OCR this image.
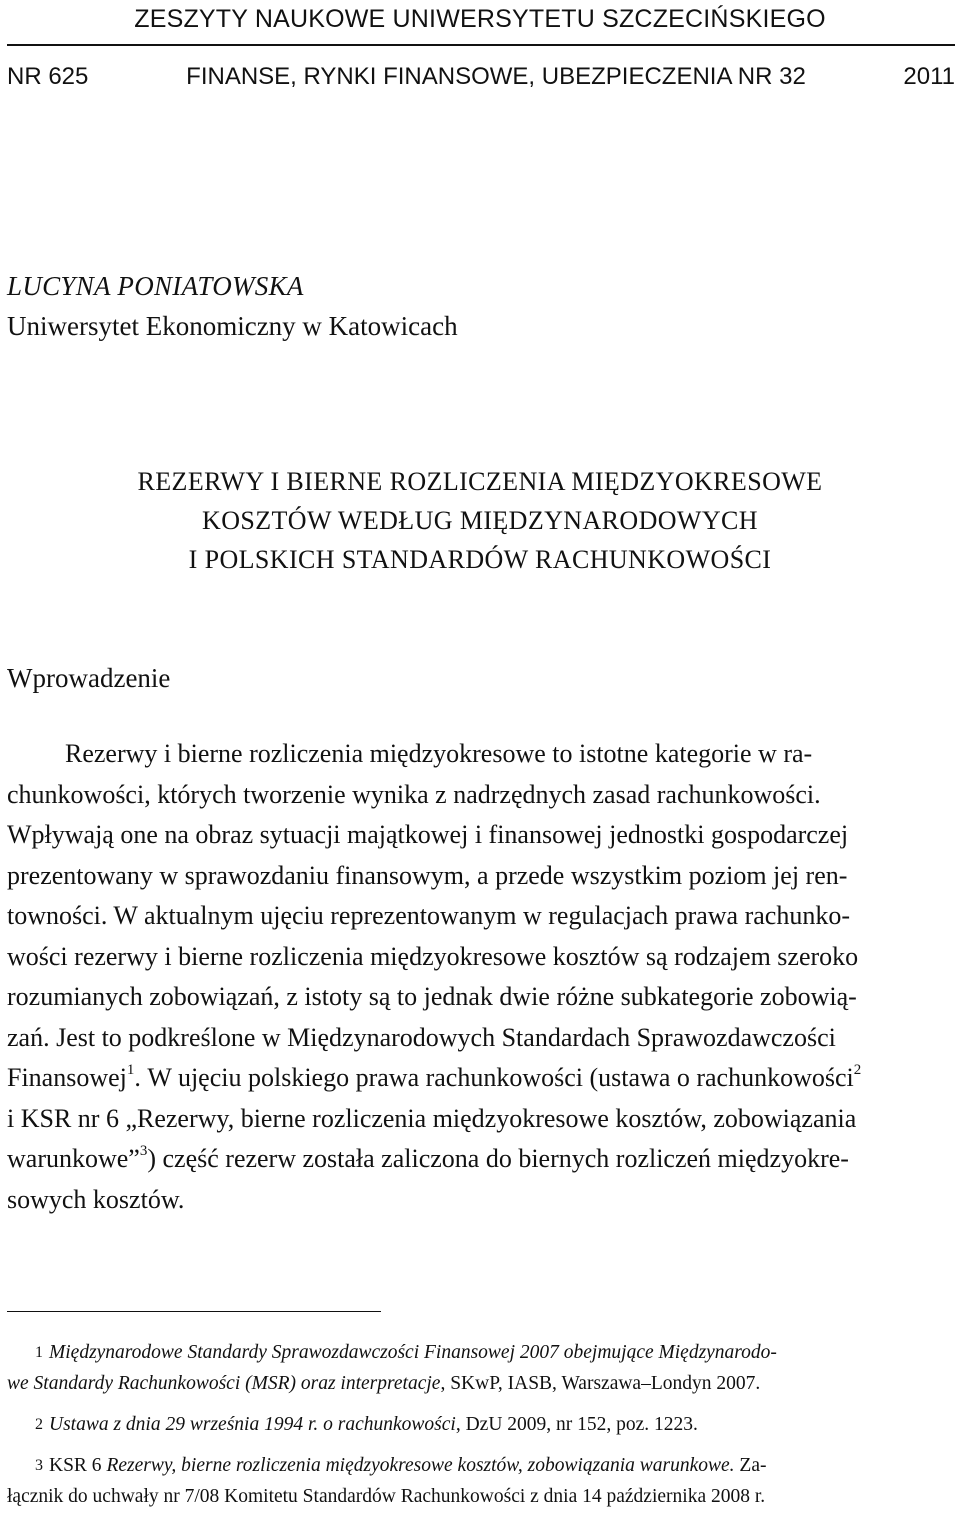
ZESZYTY NAUKOWE UNIWERSYTETU SZCZECIŃSKIEGO
NR 625	FINANSE, RYNKI FINANSOWE, UBEZPIECZENIA NR 32	2011
LUCYNA PONIATOWSKA
Uniwersytet Ekonomiczny w Katowicach
REZERWY I BIERNE ROZLICZENIA MIĘDZYOKRESOWE
KOSZTÓW WEDŁUG MIĘDZYNARODOWYCH
I POLSKICH STANDARDÓW RACHUNKOWOŚCI
Wprowadzenie
Rezerwy i bierne rozliczenia międzyokresowe to istotne kategorie w ra-
chunkowości, których tworzenie wynika z nadrzędnych zasad rachunkowości.
Wpływają one na obraz sytuacji majątkowej i finansowej jednostki gospodarczej
prezentowany w sprawozdaniu finansowym, a przede wszystkim poziom jej ren-
towności. W aktualnym ujęciu reprezentowanym w regulacjach prawa rachunko-
wości rezerwy i bierne rozliczenia międzyokresowe kosztów są rodzajem szeroko
rozumianych zobowiązań, z istoty są to jednak dwie różne subkategorie zobowią-
zań. Jest to podkreślone w Międzynarodowych Standardach Sprawozdawczości
Finansowej$^1$. W ujęciu polskiego prawa rachunkowości (ustawa o rachunkowości$^2$
i KSR nr 6 „Rezerwy, bierne rozliczenia międzyokresowe kosztów, zobowiązania
warunkowe”$^3$) część rezerw została zaliczona do biernych rozliczeń międzyokre-
sowych kosztów.
1 Międzynarodowe Standardy Sprawozdawczości Finansowej 2007 obejmujące Międzynarodo-
we Standardy Rachunkowości (MSR) oraz interpretacje , SKwP, IASB, Warszawa–Londyn 2007.
2 Ustawa z dnia 29 września 1994 r. o rachunkowości , DzU 2009, nr 152, poz. 1223.
3 KSR 6
Rezerwy, bierne rozliczenia międzyokresowe kosztów, zobowiązania warunkowe.
Za-
łącznik do uchwały nr 7/08 Komitetu Standardów Rachunkowości z dnia 14 października 2008 r.
